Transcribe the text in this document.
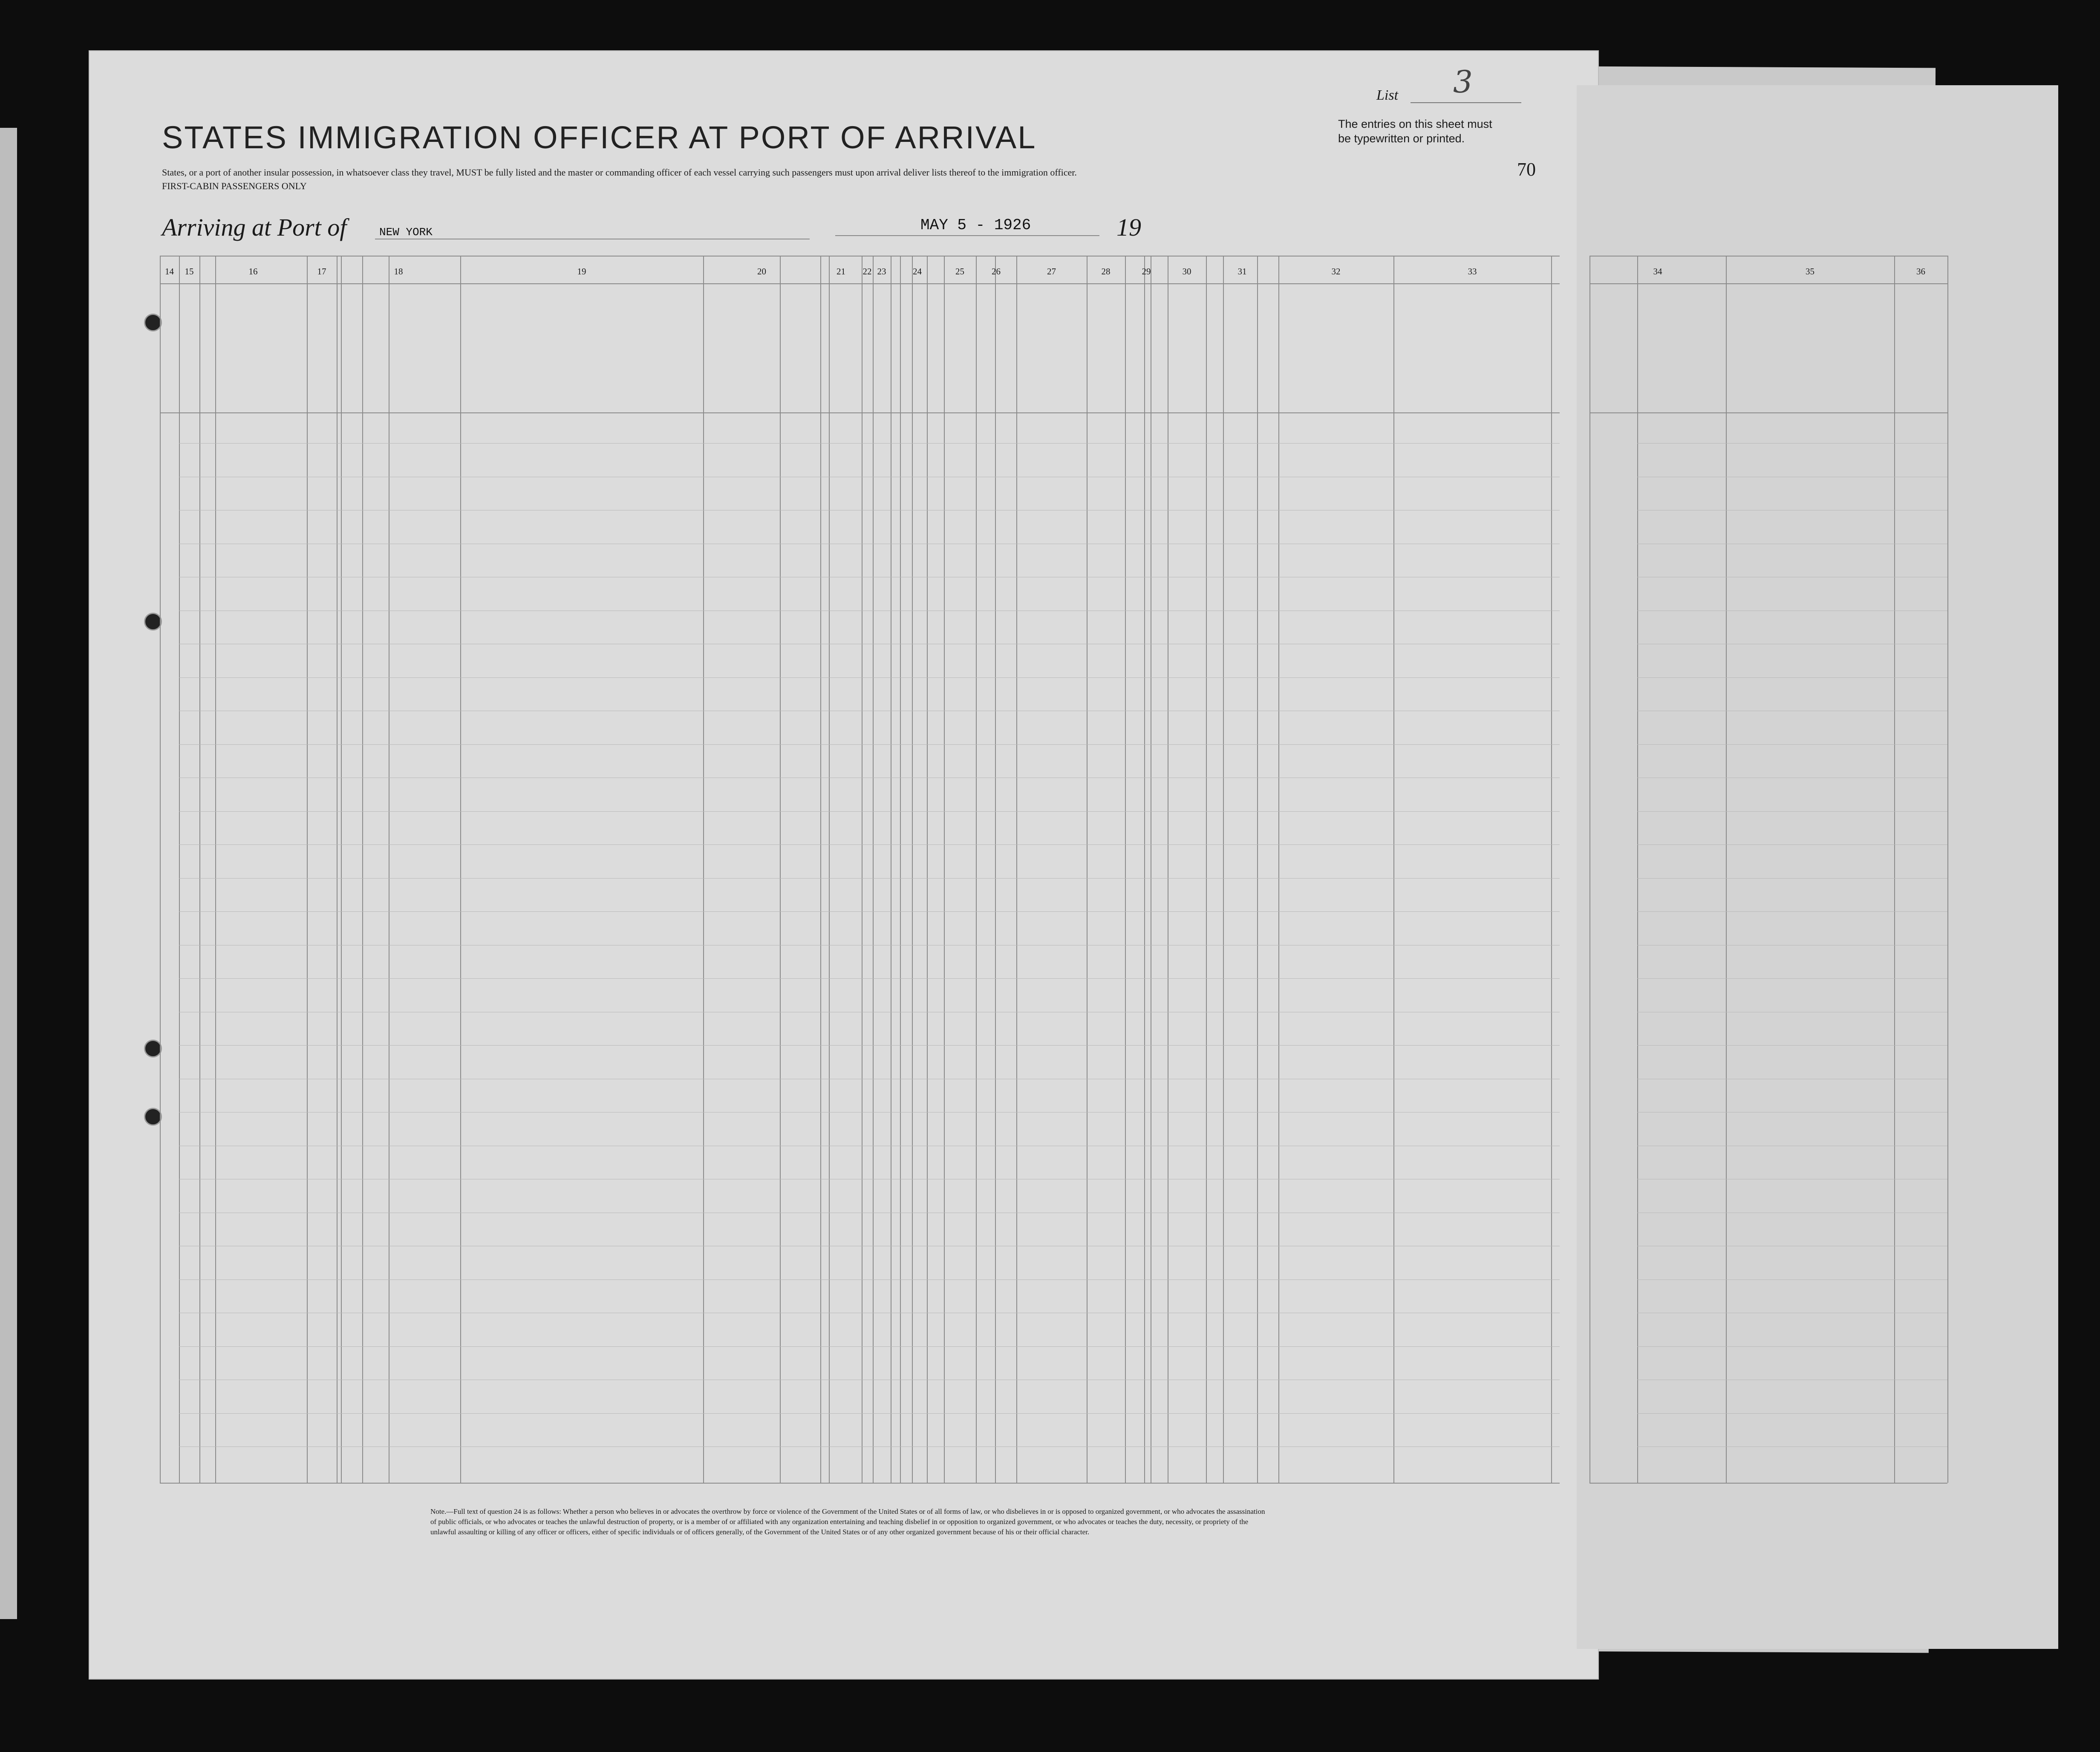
List 3
The entries on this sheet must
be typewritten or printed.
STATES IMMIGRATION OFFICER AT PORT OF ARRIVAL
States, or a port of another insular possession, in whatsoever class they travel, MUST be fully listed and the master or commanding officer of each vessel carrying such passengers must upon arrival deliver lists thereof to the immigration officer.
FIRST-CABIN PASSENGERS ONLY
70
Arriving at Port of	NEW YORK	MAY 5 - 1926	19
Note.—Full text of question 24 is as follows: Whether a person who believes in or advocates the overthrow by force or violence of the Government of the United States or of all forms of law, or who disbelieves in or is opposed to organized government, or who advocates the assassination of public officials, or who advocates or teaches the unlawful destruction of property, or is a member of or affiliated with any organization entertaining and teaching disbelief in or opposition to organized government, or who advocates or teaches the duty, necessity, or propriety of the unlawful assaulting or killing of any officer or officers, either of specific individuals or of officers generally, of the Government of the United States or of any other organized government because of his or their official character.
14	15	16	17	18	19	20	21	22 23	24	25	26	27	28	29	30	31	32	33	34	35	36
